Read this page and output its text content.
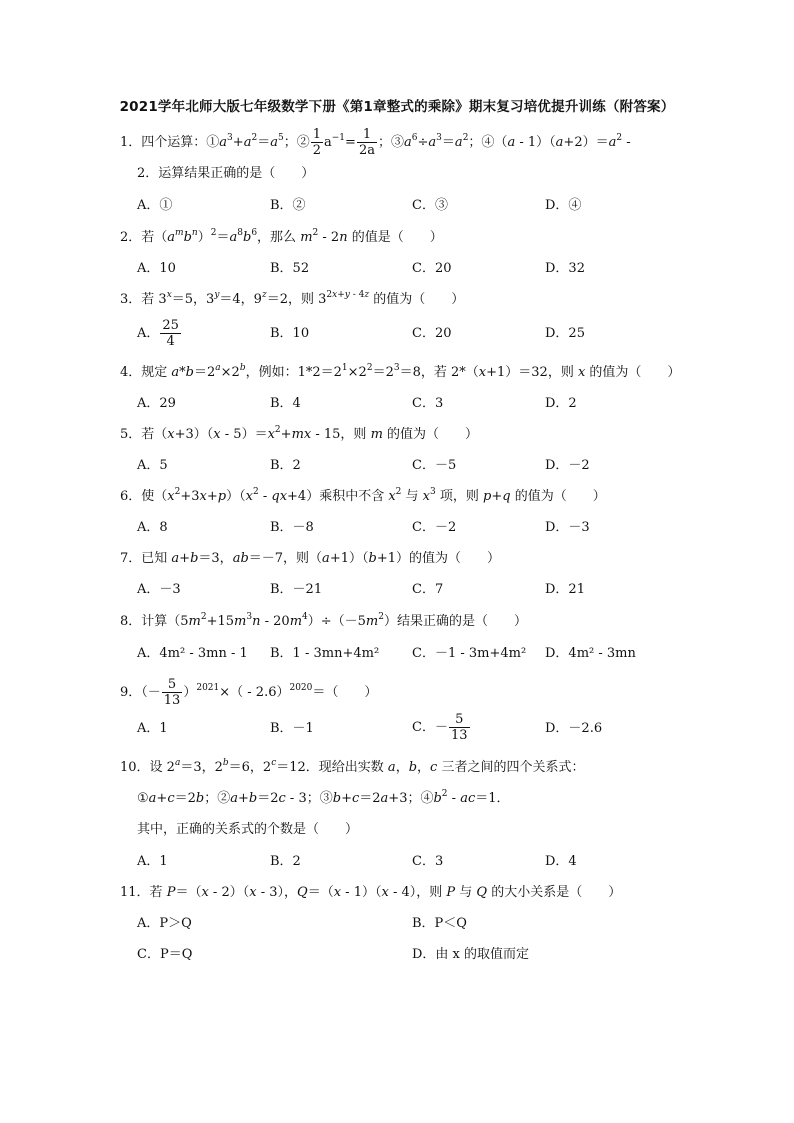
2021学年北师大版七年级数学下册《第1章整式的乘除》期末复习培优提升训练（附答案）
1．四个运算：$①a^3+a^2=a^5$；② $\frac{1}{2} a^{-1}= \frac{1}{2a}$ ；$③a^6\div a^3=a^2$；④（a - $1)(a+2)=a^2$ -
2．运算结果正确的是（　　）
A．①	B．②	C．③	D．④
2．若$(a^mb^n)^2=a^8b^6$，那么 $m^2 - 2n$ 的值是（　　）
A．10	B．52	C．20	D．32
3．若 $3^x=5$，$3^y=4$，$9^z=2$，则 $3^{2x+y - 4z}$ 的值为（　　）
A． $\frac{25}{4}$	B．10	C．20	D．25
4．规定 $a*b=2^a\times 2^b$，例如：$1*2=2^1\times 2^2=2^3=8$，若 2*（x+1）＝32，则 x 的值为（　　）
A．29	B．4	C．3	D．2
5．若$(x+3)(x - 5)=x^2+mx - 15$，则 m 的值为（　　）
A．5	B．2	C．－5	D．－2
6．使$(x^2+3x+p)(x^2 - qx+4)$乘积中不含 $x^2$ 与 $x^3$ 项，则 p+q 的值为（　　）
A．8	B．－8	C．－2	D．－3
7．已知 a+b＝3，ab＝－7，则（a+1）（b+1）的值为（　　）
A．－3	B．－21	C．7	D．21
8．计算$(5m^2+15m^3n - 20m^4)\div(-5m^2)$结果正确的是（　　）
A．4m² - 3mn - 1 B．1 - 3mn+4m²	C．－1 - 3m+4m² D．4m² - 3mn
9．（－ $\frac{5}{13} )^{2021}\times( - 2.6)^{2020}=$（　　）
A．1	B．－1	C．－ $\frac{5}{13}$	D．－2.6
10．设 $2^a=3$，$2^b=6$，$2^c=12$．现给出实数 a，b，c 三者之间的四个关系式：
①a+c＝2b；②a+b＝2c - 3；③b+c＝2a+3；$④b^2 - ac=1$．
其中，正确的关系式的个数是（　　）
A．1	B．2	C．3	D．4
11．若 P＝（x - 2）（x - 3），Q＝（x - 1）（x - 4），则 P 与 Q 的大小关系是（　　）
A．P＞Q	B．P＜Q
C．P＝Q	D．由 x 的取值而定
